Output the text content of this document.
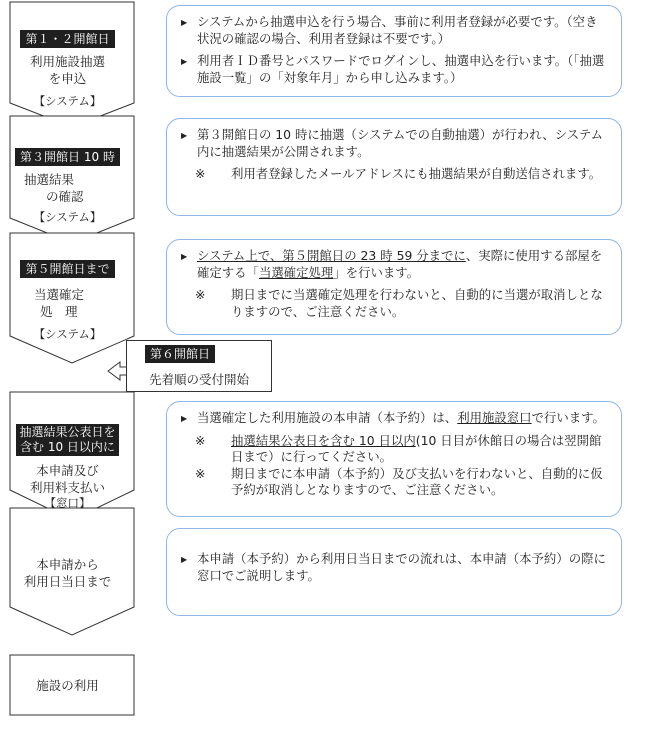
第１・２開館日
利用施設抽選
を申込
【システム】
第３開館日 10 時
抽選結果
の確認
【システム】
第５開館日まで
当選確定
処　理
【システム】
抽選結果公表日を
含む 10 日以内に
本申請及び
利用料支払い
【窓口】
本申請から
利用日当日まで
施設の利用
第６開館日
先着順の受付開始
▶ システムから抽選申込を行う場合、事前に利用者登録が必要です。（空き状況の確認の場合、利用者登録は不要です。）
▶ 利用者ＩＤ番号とパスワードでログインし、抽選申込を行います。（「抽選施設一覧」の「対象年月」から申し込みます。）
▶ 第３開館日の 10 時に抽選（システムでの自動抽選）が行われ、システム内に抽選結果が公開されます。
※ 利用者登録したメールアドレスにも抽選結果が自動送信されます。
▶ システム上で、第５開館日の 23 時 59 分までに、実際に使用する部屋を確定する「当選確定処理」を行います。
※ 期日までに当選確定処理を行わないと、自動的に当選が取消しとなりますので、ご注意ください。
▶ 当選確定した利用施設の本申請（本予約）は、利用施設窓口で行います。
※ 抽選結果公表日を含む 10 日以内(10 日目が休館日の場合は翌開館日まで）に行ってください。
※ 期日までに本申請（本予約）及び支払いを行わないと、自動的に仮予約が取消しとなりますので、ご注意ください。
▶ 本申請（本予約）から利用日当日までの流れは、本申請（本予約）の際に窓口でご説明します。
